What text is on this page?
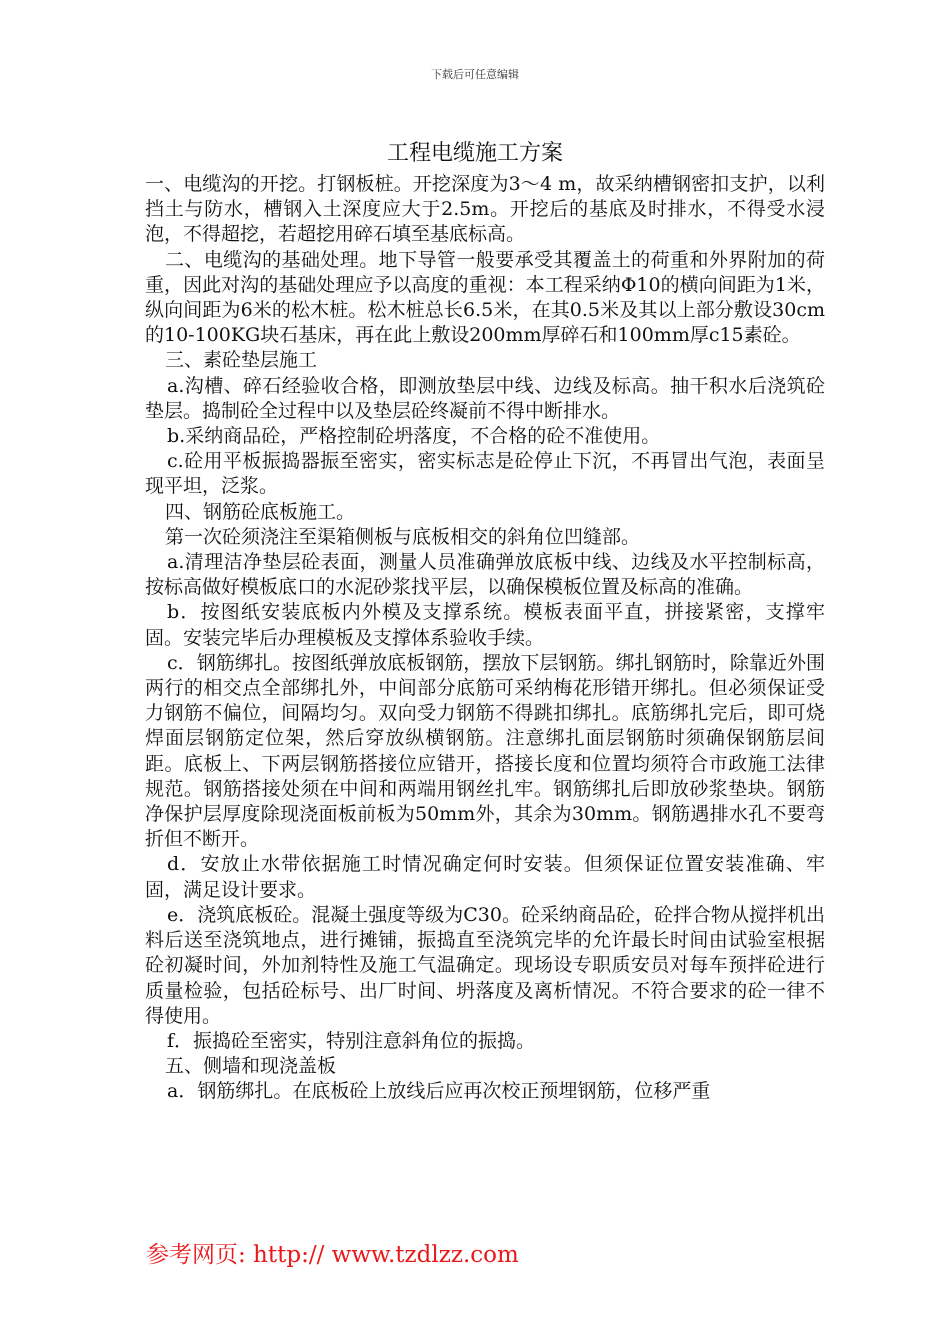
下载后可任意编辑
工程电缆施工方案

一、电缆沟的开挖。打钢板桩。开挖深度为3～4 m，故采纳槽钢密扣支护，以利挡土与防水，槽钢入土深度应大于2.5m。开挖后的基底及时排水，不得受水浸泡，不得超挖，若超挖用碎石填至基底标高。

二、电缆沟的基础处理。地下导管一般要承受其覆盖土的荷重和外界附加的荷重，因此对沟的基础处理应予以高度的重视：本工程采纳Φ10的横向间距为1米，纵向间距为6米的松木桩。松木桩总长6.5米，在其0.5米及其以上部分敷设30cm的10-100KG块石基床，再在此上敷设200mm厚碎石和100mm厚c15素砼。

三、素砼垫层施工

a.沟槽、碎石经验收合格，即测放垫层中线、边线及标高。抽干积水后浇筑砼垫层。捣制砼全过程中以及垫层砼终凝前不得中断排水。

b.采纳商品砼，严格控制砼坍落度，不合格的砼不准使用。

c.砼用平板振捣器振至密实，密实标志是砼停止下沉，不再冒出气泡，表面呈现平坦，泛浆。

四、钢筋砼底板施工。

第一次砼须浇注至渠箱侧板与底板相交的斜角位凹缝部。

a.清理洁净垫层砼表面，测量人员准确弹放底板中线、边线及水平控制标高，按标高做好模板底口的水泥砂浆找平层，以确保模板位置及标高的准确。

b．按图纸安装底板内外模及支撑系统。模板表面平直，拼接紧密，支撑牢固。安装完毕后办理模板及支撑体系验收手续。

c．钢筋绑扎。按图纸弹放底板钢筋，摆放下层钢筋。绑扎钢筋时，除靠近外围两行的相交点全部绑扎外，中间部分底筋可采纳梅花形错开绑扎。但必须保证受力钢筋不偏位，间隔均匀。双向受力钢筋不得跳扣绑扎。底筋绑扎完后，即可烧焊面层钢筋定位架，然后穿放纵横钢筋。注意绑扎面层钢筋时须确保钢筋层间距。底板上、下两层钢筋搭接位应错开，搭接长度和位置均须符合市政施工法律规范。钢筋搭接处须在中间和两端用钢丝扎牢。钢筋绑扎后即放砂浆垫块。钢筋净保护层厚度除现浇面板前板为50mm外，其余为30mm。钢筋遇排水孔不要弯折但不断开。

d．安放止水带依据施工时情况确定何时安装。但须保证位置安装准确、牢固，满足设计要求。

e．浇筑底板砼。混凝土强度等级为C30。砼采纳商品砼，砼拌合物从搅拌机出料后送至浇筑地点，进行摊铺，振捣直至浇筑完毕的允许最长时间由试验室根据砼初凝时间，外加剂特性及施工气温确定。现场设专职质安员对每车预拌砼进行质量检验，包括砼标号、出厂时间、坍落度及离析情况。不符合要求的砼一律不得使用。

f．振捣砼至密实，特别注意斜角位的振捣。

五、侧墙和现浇盖板

a．钢筋绑扎。在底板砼上放线后应再次校正预埋钢筋，位移严重

参考网页: http:// www.tzdlzz.com
